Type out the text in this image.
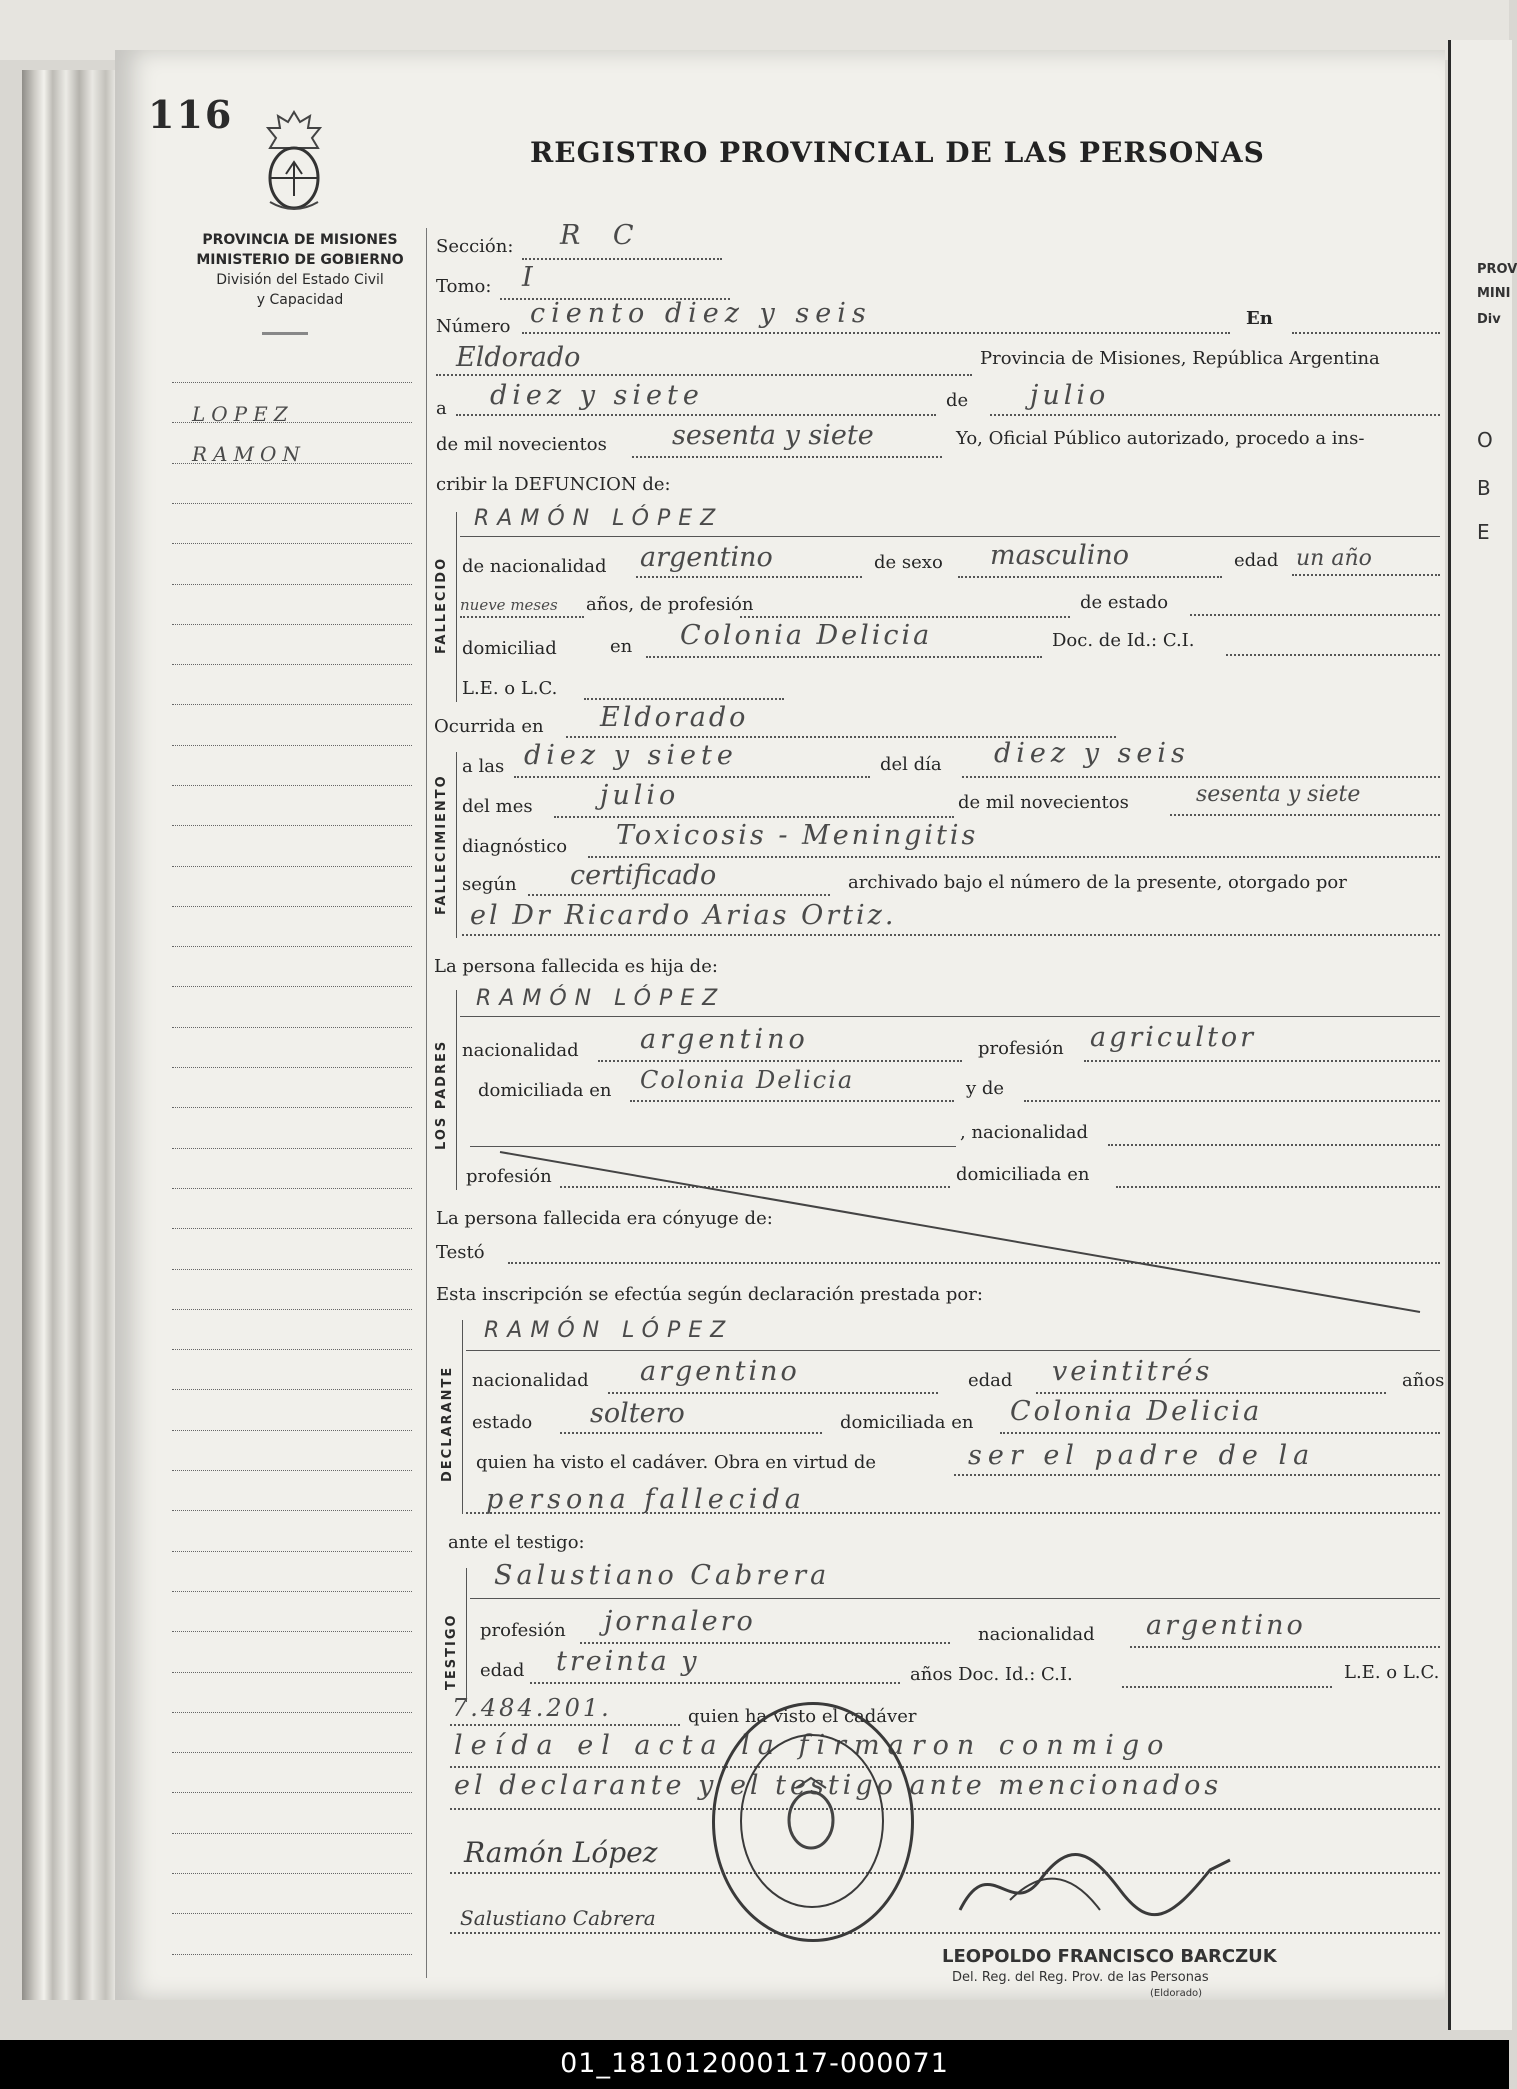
PROV
MINI
Div
O
B
E
116
REGISTRO PROVINCIAL DE LAS PERSONAS
PROVINCIA DE MISIONES
MINISTERIO DE GOBIERNO
División del Estado Civil
y Capacidad
LOPEZ
RAMON
Sección: R C
Tomo: I
Número ciento diez y seis	En
Eldorado	Provincia de Misiones, República Argentina
a diez y siete	de julio
de mil novecientos sesenta y siete	Yo, Oficial Público autorizado, procedo a ins-
cribir la DEFUNCION de:
FALLECIDO
RAMÓN LÓPEZ
de nacionalidad argentino	de sexo masculino	edad un año
nueve meses años, de profesión	de estado
domiciliad	en Colonia Delicia	Doc. de Id.: C.I.
L.E. o L.C.
Ocurrida en Eldorado
FALLECIMIENTO
a las diez y siete	del día diez y seis
del mes julio	de mil novecientos	sesenta y siete
diagnóstico Toxicosis - Meningitis
según certificado	archivado bajo el número de la presente, otorgado por
el Dr Ricardo Arias Ortiz.
La persona fallecida es hija de:
LOS PADRES
RAMÓN LÓPEZ
nacionalidad argentino	profesión agricultor
domiciliada en Colonia Delicia	y de
, nacionalidad
profesión	domiciliada en
La persona fallecida era cónyuge de:
Testó
Esta inscripción se efectúa según declaración prestada por:
DECLARANTE
RAMÓN LÓPEZ
nacionalidad argentino	edad veintitrés	años
estado soltero	domiciliada en Colonia Delicia
quien ha visto el cadáver. Obra en virtud de	ser el padre de la
persona fallecida
ante el testigo:
TESTIGO
Salustiano Cabrera
profesión jornalero	nacionalidad argentino
edad treinta y	años Doc. Id.: C.I.	L.E. o L.C.
7.484.201.	quien ha visto el cadáver
leída el acta la firmaron conmigo
el declarante y el testigo ante mencionados
Ramón López
Salustiano Cabrera
LEOPOLDO FRANCISCO BARCZUK
Del. Reg. del Reg. Prov. de las Personas
(Eldorado)
01_181012000117-000071
